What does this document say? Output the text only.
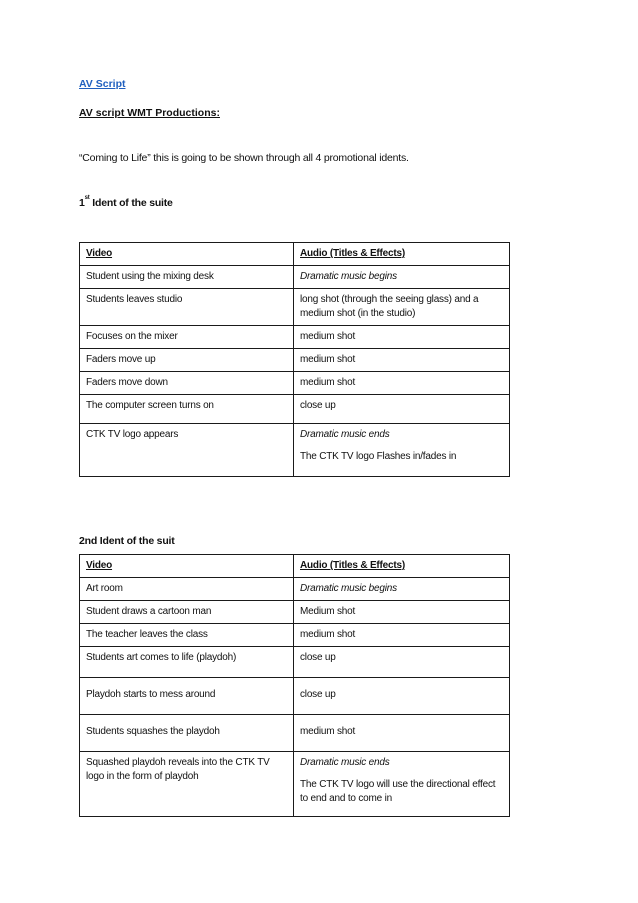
AV Script
AV script WMT Productions:
“Coming to Life” this is going to be shown through all 4 promotional idents.
1st Ident of the suite
Video	Audio (Titles & Effects)
Student using the mixing desk	Dramatic music begins
Students leaves studio	long shot (through the seeing glass) and a medium shot (in the studio)
Focuses on the mixer	medium shot
Faders move up	medium shot
Faders move down	medium shot
The computer screen turns on	close up
CTK TV logo appears	Dramatic music ends
The CTK TV logo Flashes in/fades in
2nd Ident of the suit
Video	Audio (Titles & Effects)
Art room	Dramatic music begins
Student draws a cartoon man	Medium shot
The teacher leaves the class	medium shot
Students art comes to life (playdoh)	close up
Playdoh starts to mess around	close up
Students squashes the playdoh	medium shot
Squashed playdoh reveals into the CTK TV logo in the form of playdoh	Dramatic music ends
The CTK TV logo will use the directional effect to end and to come in
